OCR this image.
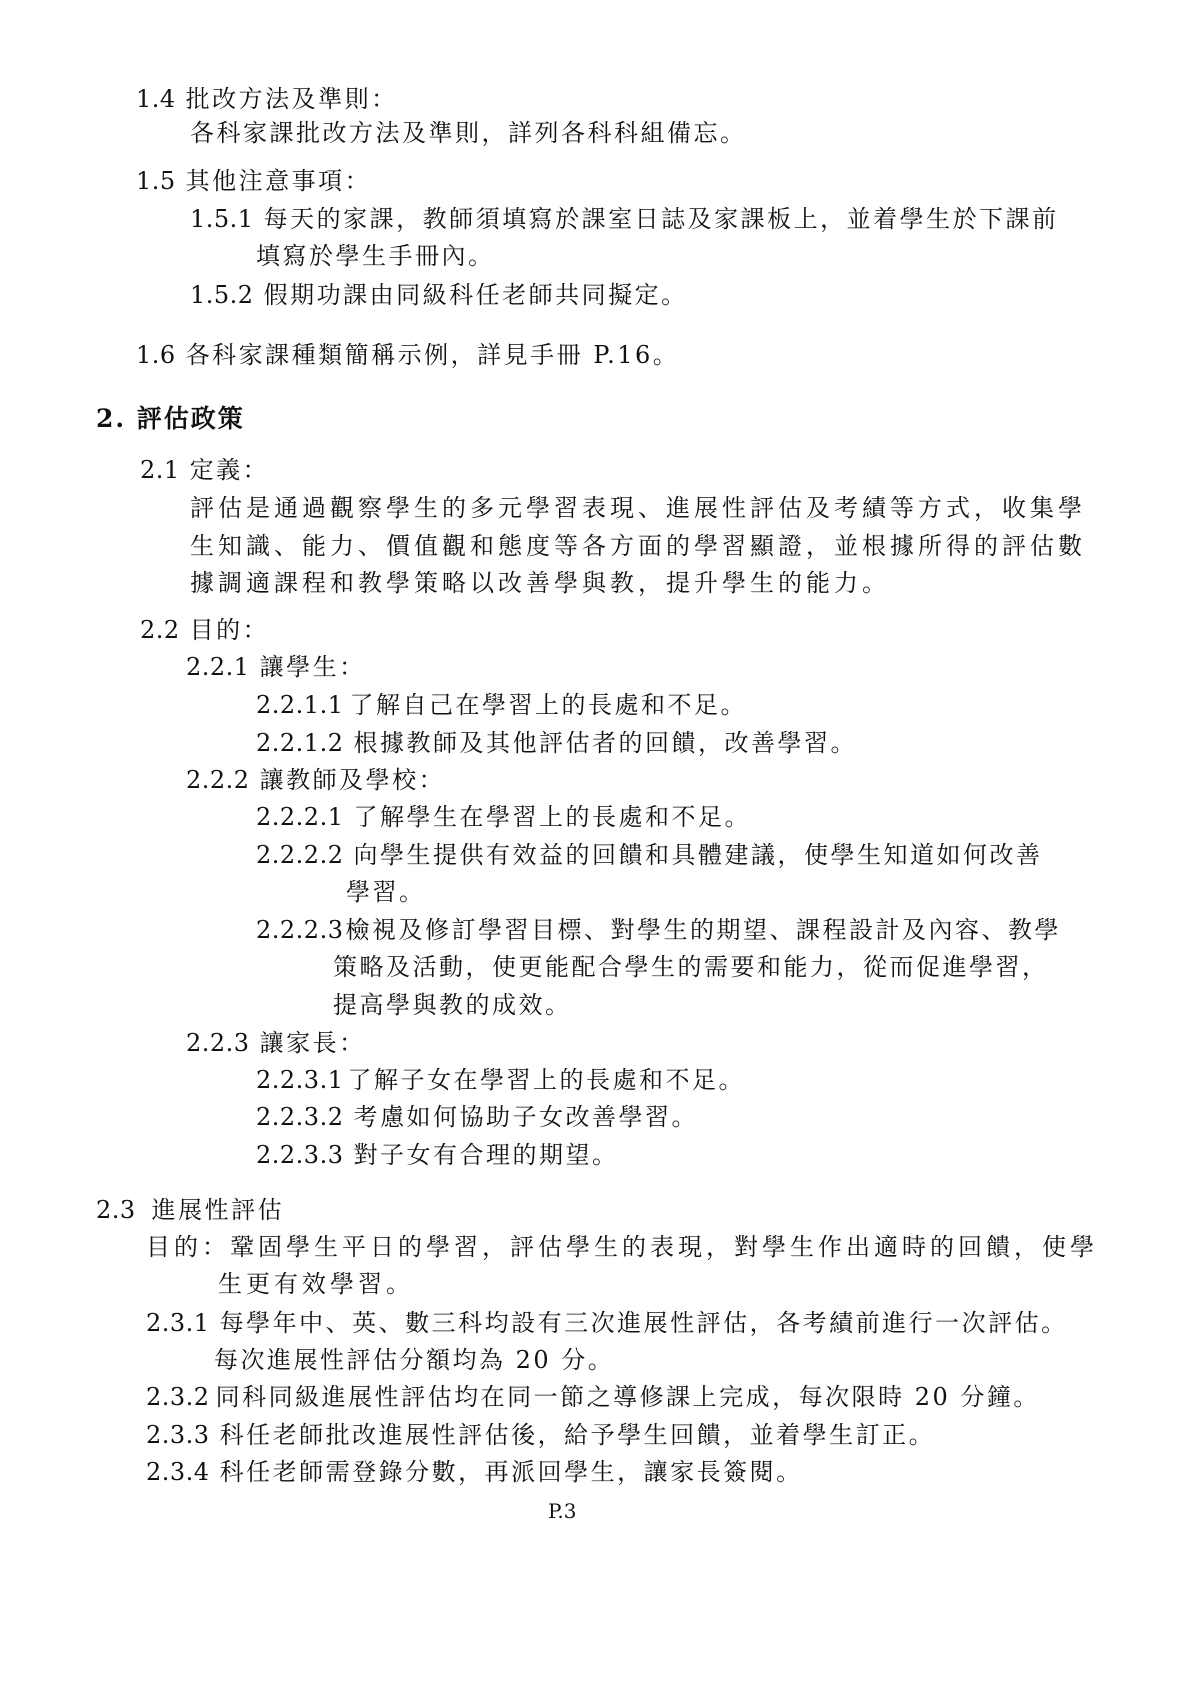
1.4 批改方法及準則：
各科家課批改方法及準則，詳列各科科組備忘。
1.5 其他注意事項：
1.5.1 每天的家課，教師須填寫於課室日誌及家課板上，並着學生於下課前
填寫於學生手冊內。
1.5.2 假期功課由同級科任老師共同擬定。
1.6 各科家課種類簡稱示例，詳見手冊 P.16。
2. 評估政策
2.1 定義：
評估是通過觀察學生的多元學習表現、進展性評估及考績等方式，收集學
生知識、能力、價值觀和態度等各方面的學習顯證，並根據所得的評估數
據調適課程和教學策略以改善學與教，提升學生的能力。
2.2 目的：
2.2.1 讓學生：
2.2.1.1 了解自己在學習上的長處和不足。
2.2.1.2 根據教師及其他評估者的回饋，改善學習。
2.2.2 讓教師及學校：
2.2.2.1 了解學生在學習上的長處和不足。
2.2.2.2 向學生提供有效益的回饋和具體建議，使學生知道如何改善
學習。
2.2.2.3檢視及修訂學習目標、對學生的期望、課程設計及內容、教學
策略及活動，使更能配合學生的需要和能力，從而促進學習，
提高學與教的成效。
2.2.3 讓家長：
2.2.3.1 了解子女在學習上的長處和不足。
2.2.3.2 考慮如何協助子女改善學習。
2.2.3.3 對子女有合理的期望。
2.3 進展性評估
目的：鞏固學生平日的學習，評估學生的表現，對學生作出適時的回饋，使學
生更有效學習。
2.3.1 每學年中、英、數三科均設有三次進展性評估，各考績前進行一次評估。
每次進展性評估分額均為 20 分。
2.3.2 同科同級進展性評估均在同一節之導修課上完成，每次限時 20 分鐘。
2.3.3 科任老師批改進展性評估後，給予學生回饋，並着學生訂正。
2.3.4 科任老師需登錄分數，再派回學生，讓家長簽閱。
P.3
